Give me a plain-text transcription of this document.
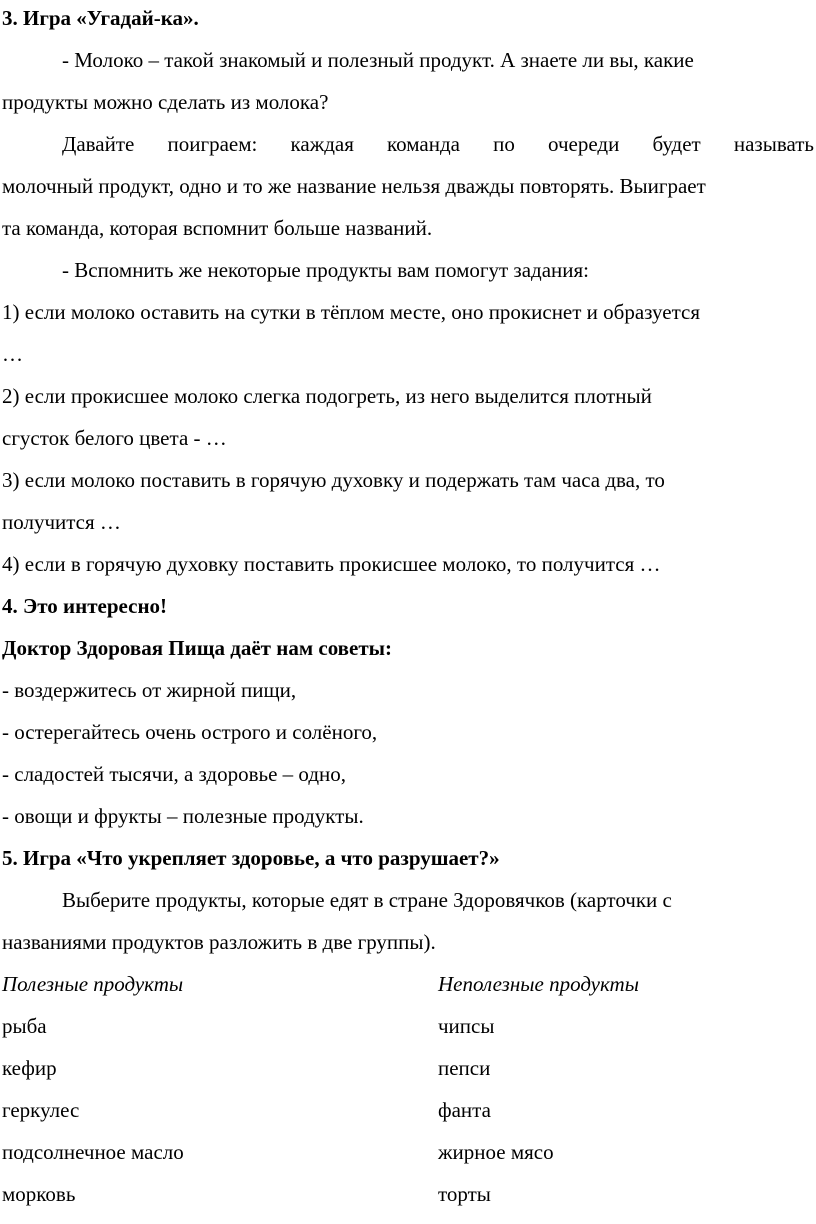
3. Игра «Угадай-ка».
- Молоко – такой знакомый и полезный продукт. А знаете ли вы, какие
продукты можно сделать из молока?
Давайте поиграем: каждая команда по очереди будет называть
молочный продукт, одно и то же название нельзя дважды повторять. Выиграет
та команда, которая вспомнит больше названий.
- Вспомнить же некоторые продукты вам помогут задания:
1) если молоко оставить на сутки в тёплом месте, оно прокиснет и образуется
…
2) если прокисшее молоко слегка подогреть, из него выделится плотный
сгусток белого цвета - …
3) если молоко поставить в горячую духовку и подержать там часа два, то
получится …
4) если в горячую духовку поставить прокисшее молоко, то получится …
4. Это интересно!
Доктор Здоровая Пища даёт нам советы:
- воздержитесь от жирной пищи,
- остерегайтесь очень острого и солёного,
- сладостей тысячи, а здоровье – одно,
- овощи и фрукты – полезные продукты.
5. Игра «Что укрепляет здоровье, а что разрушает?»
Выберите продукты, которые едят в стране Здоровячков (карточки с
названиями продуктов разложить в две группы).
Полезные продукты	Неполезные продукты
рыба	чипсы
кефир	пепси
геркулес	фанта
подсолнечное масло	жирное мясо
морковь	торты
